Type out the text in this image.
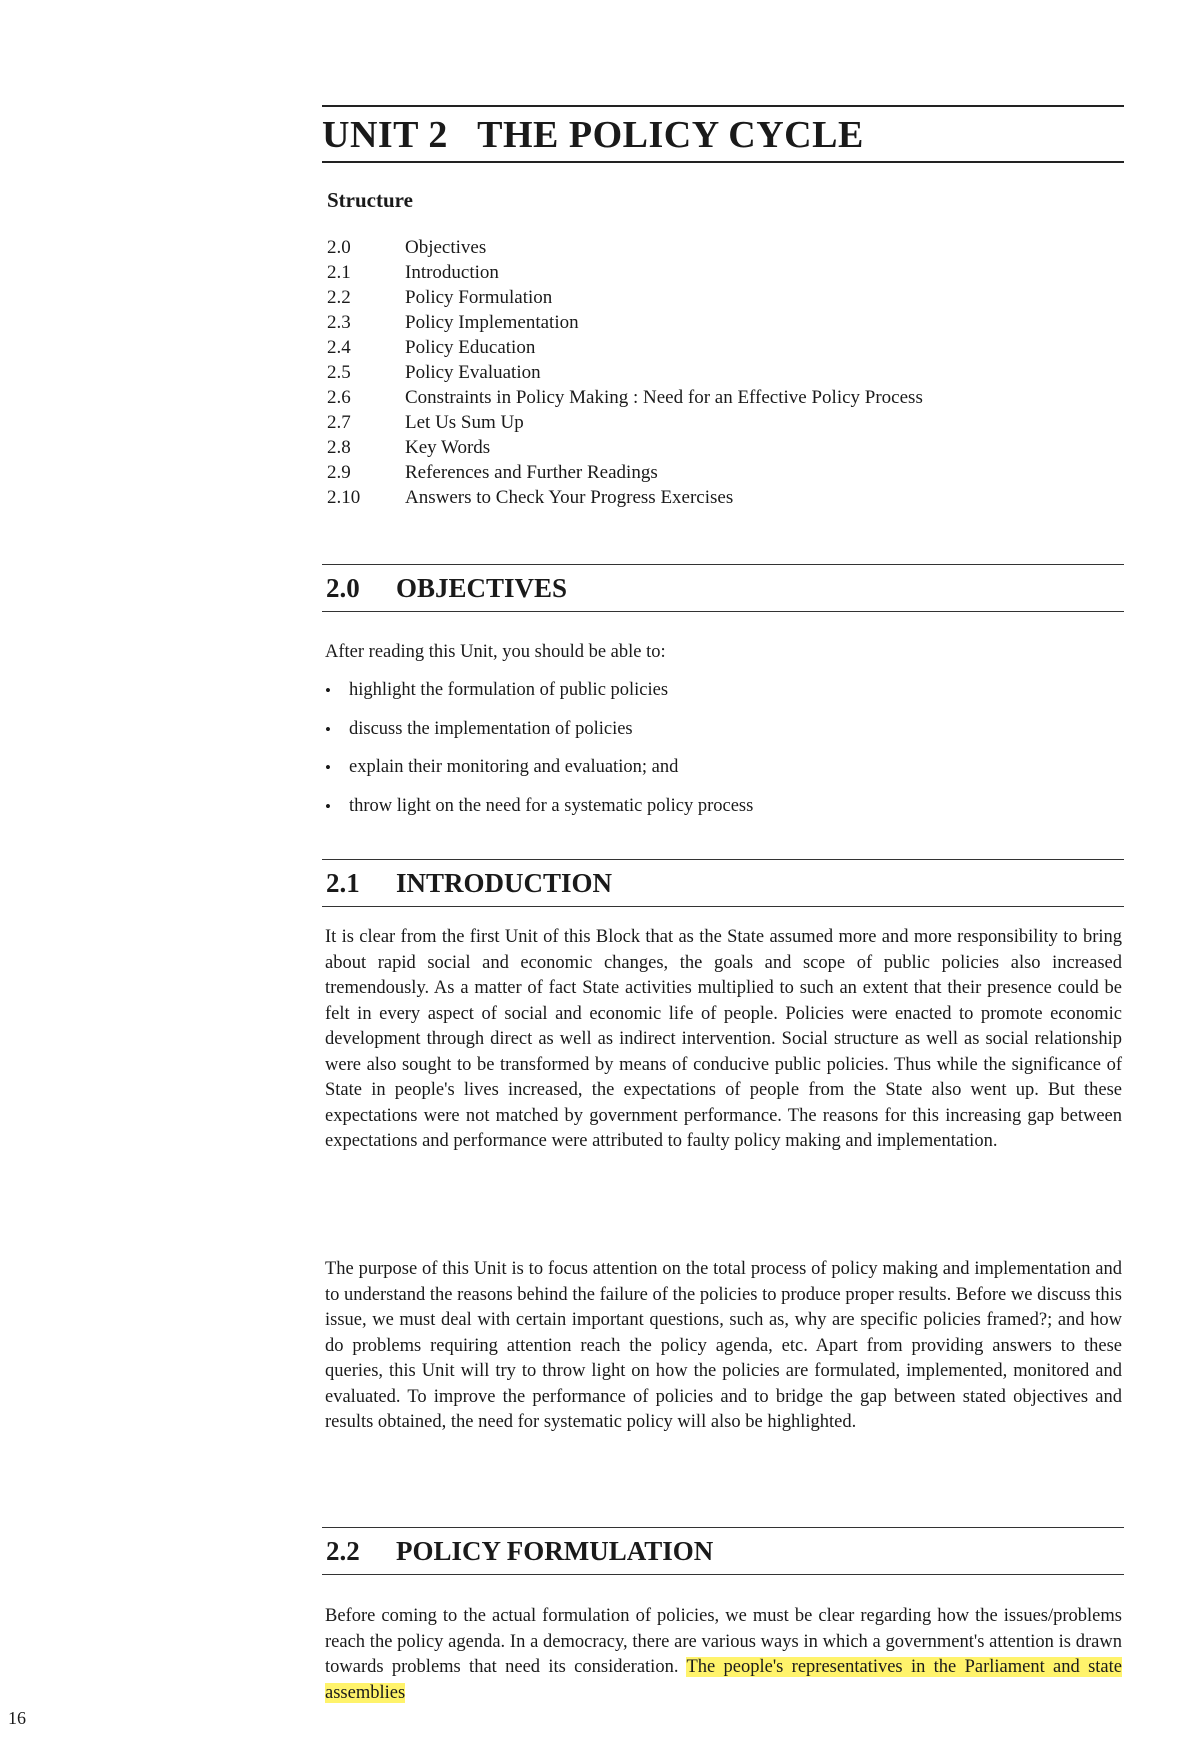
UNIT 2   THE POLICY CYCLE
Structure
2.0	Objectives
2.1	Introduction
2.2	Policy Formulation
2.3	Policy Implementation
2.4	Policy Education
2.5	Policy Evaluation
2.6	Constraints in Policy Making : Need for an Effective Policy Process
2.7	Let Us Sum Up
2.8	Key Words
2.9	References and Further Readings
2.10	Answers to Check Your Progress Exercises
2.0	OBJECTIVES
After reading this Unit, you should be able to:
• highlight the formulation of public policies
• discuss the implementation of policies
• explain their monitoring and evaluation; and
• throw light on the need for a systematic policy process
2.1	INTRODUCTION

It is clear from the first Unit of this Block that as the State assumed more and more responsibility to bring about rapid social and economic changes, the goals and scope of public policies also increased tremendously. As a matter of fact State activities multiplied to such an extent that their presence could be felt in every aspect of social and economic life of people. Policies were enacted to promote economic development through direct as well as indirect intervention. Social structure as well as social relationship were also sought to be transformed by means of conducive public policies. Thus while the significance of State in people's lives increased, the expectations of people from the State also went up. But these expectations were not matched by government performance. The reasons for this increasing gap between expectations and performance were attributed to faulty policy making and implementation.

The purpose of this Unit is to focus attention on the total process of policy making and implementation and to understand the reasons behind the failure of the policies to produce proper results. Before we discuss this issue, we must deal with certain important questions, such as, why are specific policies framed?; and how do problems requiring attention reach the policy agenda, etc. Apart from providing answers to these queries, this Unit will try to throw light on how the policies are formulated, implemented, monitored and evaluated. To improve the performance of policies and to bridge the gap between stated objectives and results obtained, the need for systematic policy will also be highlighted.

2.2	POLICY FORMULATION

Before coming to the actual formulation of policies, we must be clear regarding how the issues/problems reach the policy agenda. In a democracy, there are various ways in which a government's attention is drawn towards problems that need its consideration. The people's representatives in the Parliament and state assemblies

16
